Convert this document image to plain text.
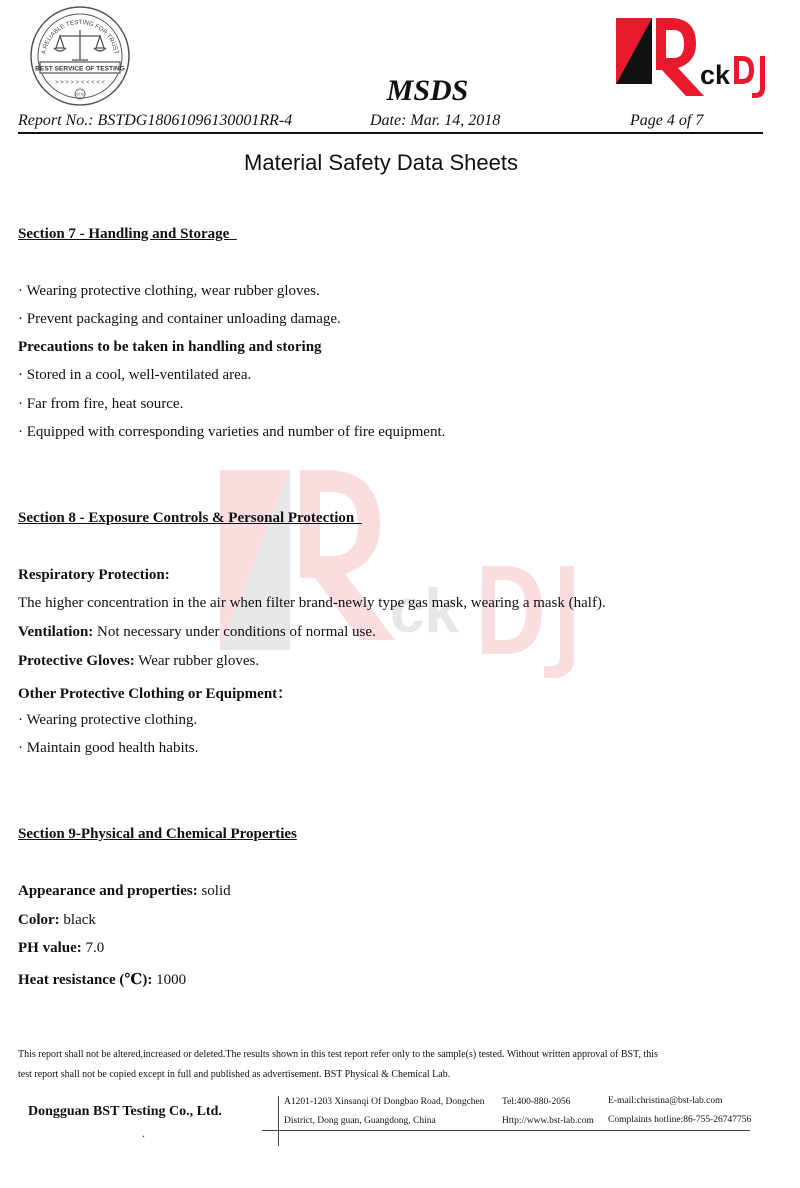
A RELIABLE TESTING FOR TRUST
BEST SERVICE OF TESTING
> > > > > < < < < <
BSTDG
ck
MSDS
Report No.: BSTDG18061096130001RR-4	Date: Mar. 14, 2018	Page 4 of 7
Material Safety Data Sheets
ck
Section 7 - Handling and Storage
· Wearing protective clothing, wear rubber gloves.
· Prevent packaging and container unloading damage.
Precautions to be taken in handling and storing
· Stored in a cool, well-ventilated area.
· Far from fire, heat source.
· Equipped with corresponding varieties and number of fire equipment.
Section 8 - Exposure Controls & Personal Protection
Respiratory Protection:
The higher concentration in the air when filter brand-newly type gas mask, wearing a mask (half).
Ventilation: Not necessary under conditions of normal use.
Protective Gloves: Wear rubber gloves.
Other Protective Clothing or Equipment：
· Wearing protective clothing.
· Maintain good health habits.
Section 9-Physical and Chemical Properties
Appearance and properties: solid
Color: black
PH value: 7.0
Heat resistance (℃): 1000
This report shall not be altered,increased or deleted.The results shown in this test report refer only to the sample(s) tested. Without written approval of BST, this
test report shall not be copied except in full and published as advertisement. BST Physical & Chemical Lab.
Dongguan BST Testing Co., Ltd.
.
A1201-1203 Xinsanqi Of Dongbao Road, Dongchen
District, Dong guan, Guangdong, China
Tel:400-880-2056
Http://www.bst-lab.com
E-mail:christina@bst-lab.com
Complaints hotline:86-755-26747756
